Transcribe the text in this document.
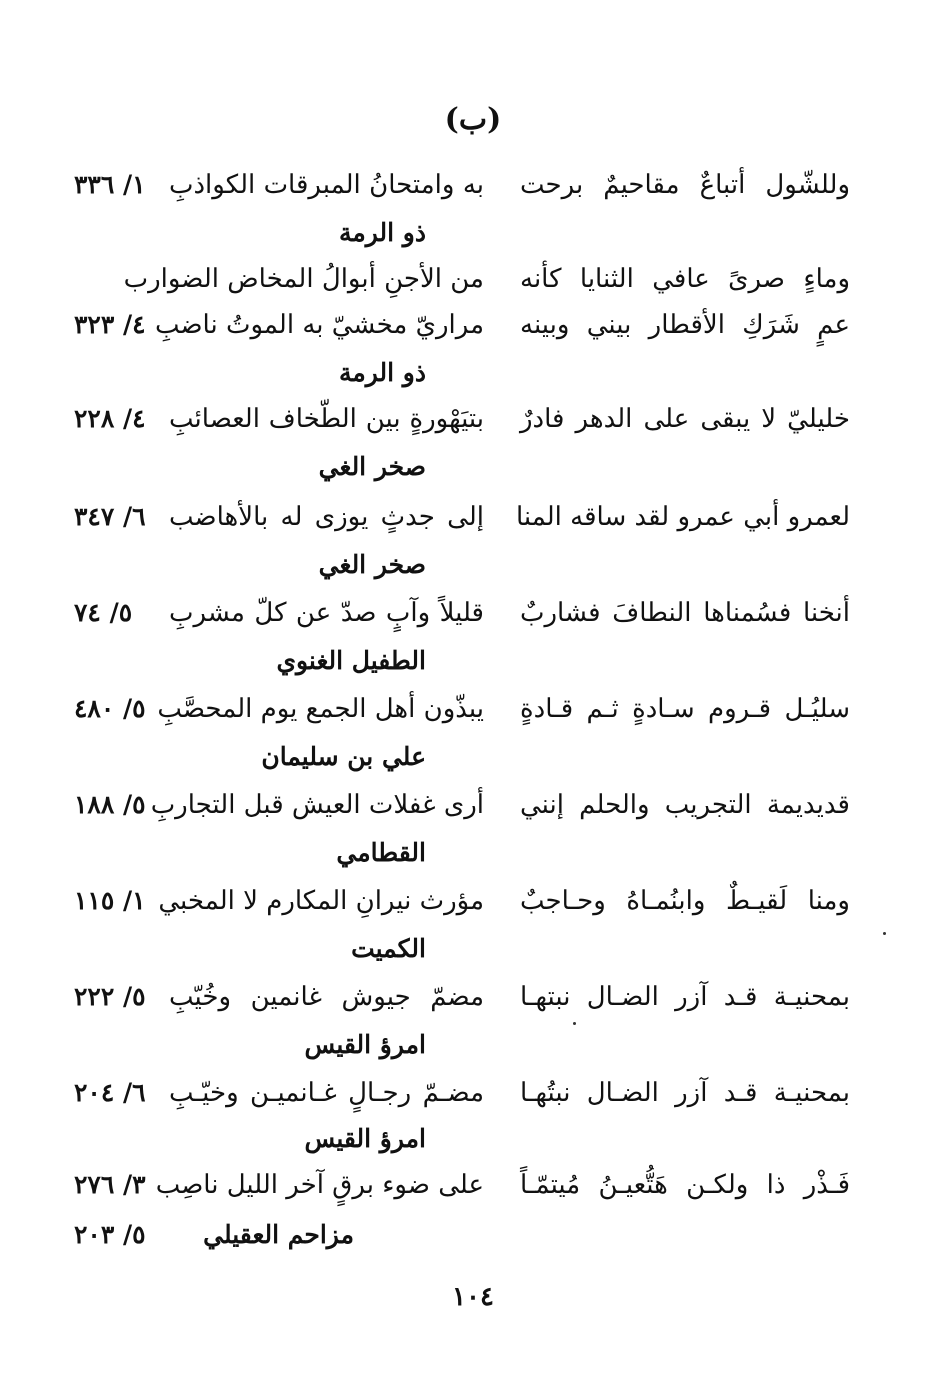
(ب)
وللشّول أتباعٌ مقاحيمٌ برحت
به وامتحانُ المبرقات الكواذبِ
١/ ٣٣٦
ذو الرمة
وماءٍ صرىً عافي الثنايا كأنه
من الأجنِ أبوالُ المخاض الضوارب
عمٍ شَرَكِ الأقطار بيني وبينه
مراريّ مخشيّ به الموتُ ناضبِ
٤/ ٣٢٣
ذو الرمة
خليليّ لا يبقى على الدهر فادرٌ
بتيَهْورةٍ بين الطّخاف العصائبِ
٤/ ٢٢٨
صخر الغي
لعمرو أبي عمرو لقد ساقه المنا
إلى جدثٍ يوزى له بالأهاضب
٦/ ٣٤٧
صخر الغي
أنخنا فسُمناها النطافَ فشاربٌ
قليلاً وآبٍ صدّ عن كلّ مشربِ
٥/ ٧٤
الطفيل الغنوي
سليُـل قـروم سـادةٍ ثـم قـادةٍ
يبذّون أهل الجمع يوم المحصَّبِ
٥/ ٤٨٠
علي بن سليمان
قديديمة التجريب والحلم إنني
أرى غفلات العيش قبل التجاربِ
٥/ ١٨٨
القطامي
ومنا لَقيـطٌ وابنُمـاهُ وحـاجبٌ
مؤرث نيرانِ المكارم لا المخبي
١/ ١١٥
الكميت
بمحنيـة قـد آزر الضـال نبتهـا
مضمّ جيوش غانمين وخُيّبِ
٥/ ٢٢٢
امرؤ القيس
بمحنيـة قـد آزر الضـال نبتُهـا
مضـمّ رجـالٍ غـانميـن وخيّـبِ
٦/ ٢٠٤
امرؤ القيس
فَـذْر ذا ولكـن هَتُّعيـنُ مُيتمّـاً
على ضوء برقٍ آخر الليل ناصِب
٣/ ٢٧٦
مزاحم العقيلي
٥/ ٢٠٣
١٠٤
